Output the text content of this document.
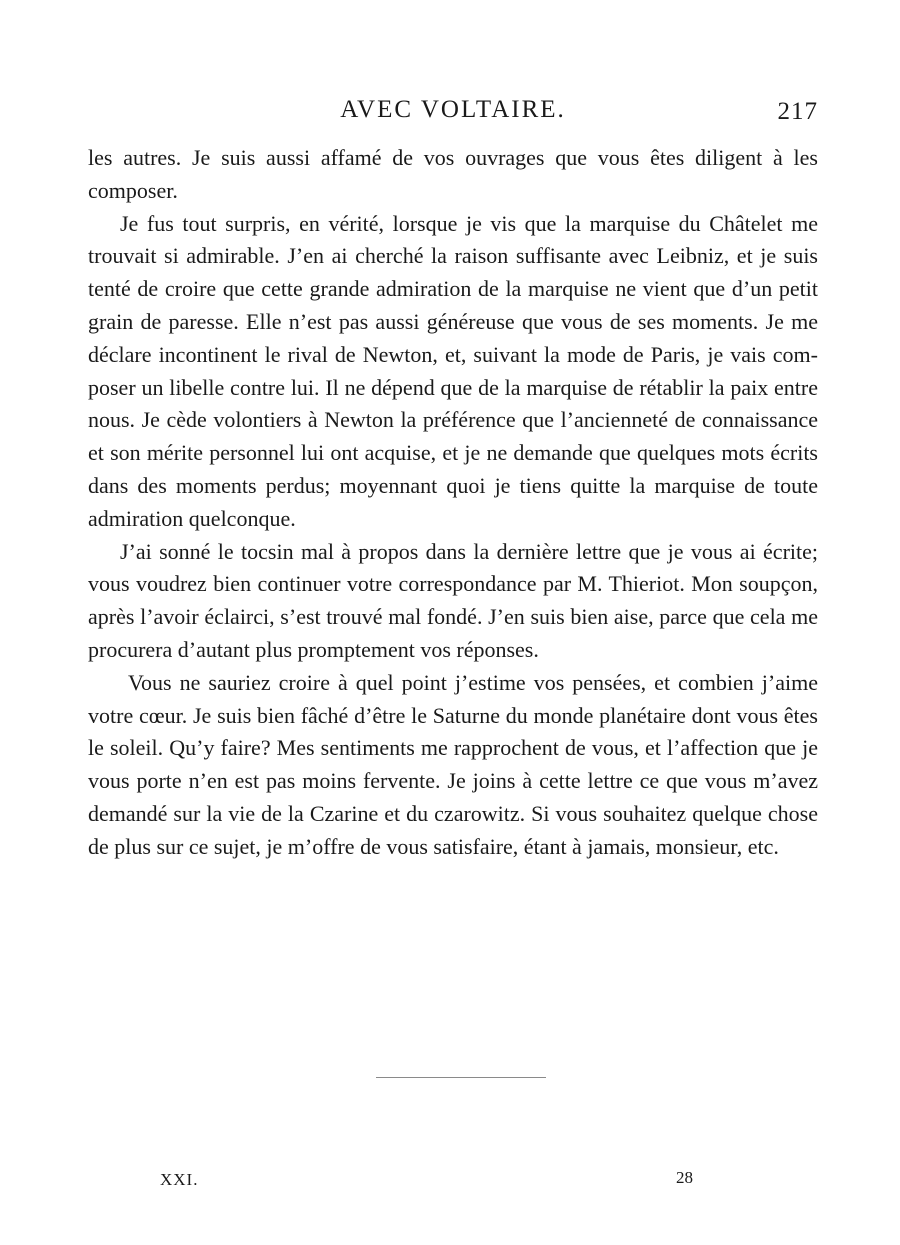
AVEC VOLTAIRE.	217

les autres. Je suis aussi affamé de vos ouvrages que vous êtes diligent à les composer.

Je fus tout surpris, en vérité, lorsque je vis que la marquise du Châtelet me trouvait si admirable. J’en ai cherché la raison suffisante avec Leibniz, et je suis tenté de croire que cette grande admiration de la marquise ne vient que d’un petit grain de paresse. Elle n’est pas aussi généreuse que vous de ses moments. Je me déclare incontinent le rival de Newton, et, suivant la mode de Paris, je vais composer un libelle contre lui. Il ne dépend que de la marquise de rétablir la paix entre nous. Je cède volontiers à Newton la préférence que l’ancienneté de connaissance et son mérite personnel lui ont acquise, et je ne demande que quelques mots écrits dans des moments perdus; moyennant quoi je tiens quitte la marquise de toute admiration quelconque.

J’ai sonné le tocsin mal à propos dans la dernière lettre que je vous ai écrite; vous voudrez bien continuer votre correspondance par M. Thieriot. Mon soupçon, après l’avoir éclairci, s’est trouvé mal fondé. J’en suis bien aise, parce que cela me procurera d’autant plus promptement vos réponses.

Vous ne sauriez croire à quel point j’estime vos pensées, et combien j’aime votre cœur. Je suis bien fâché d’être le Saturne du monde planétaire dont vous êtes le soleil. Qu’y faire? Mes sentiments me rapprochent de vous, et l’affection que je vous porte n’en est pas moins fervente. Je joins à cette lettre ce que vous m’avez demandé sur la vie de la Czarine et du czarowitz. Si vous souhaitez quelque chose de plus sur ce sujet, je m’offre de vous satisfaire, étant à jamais, monsieur, etc.

XXI.	28
